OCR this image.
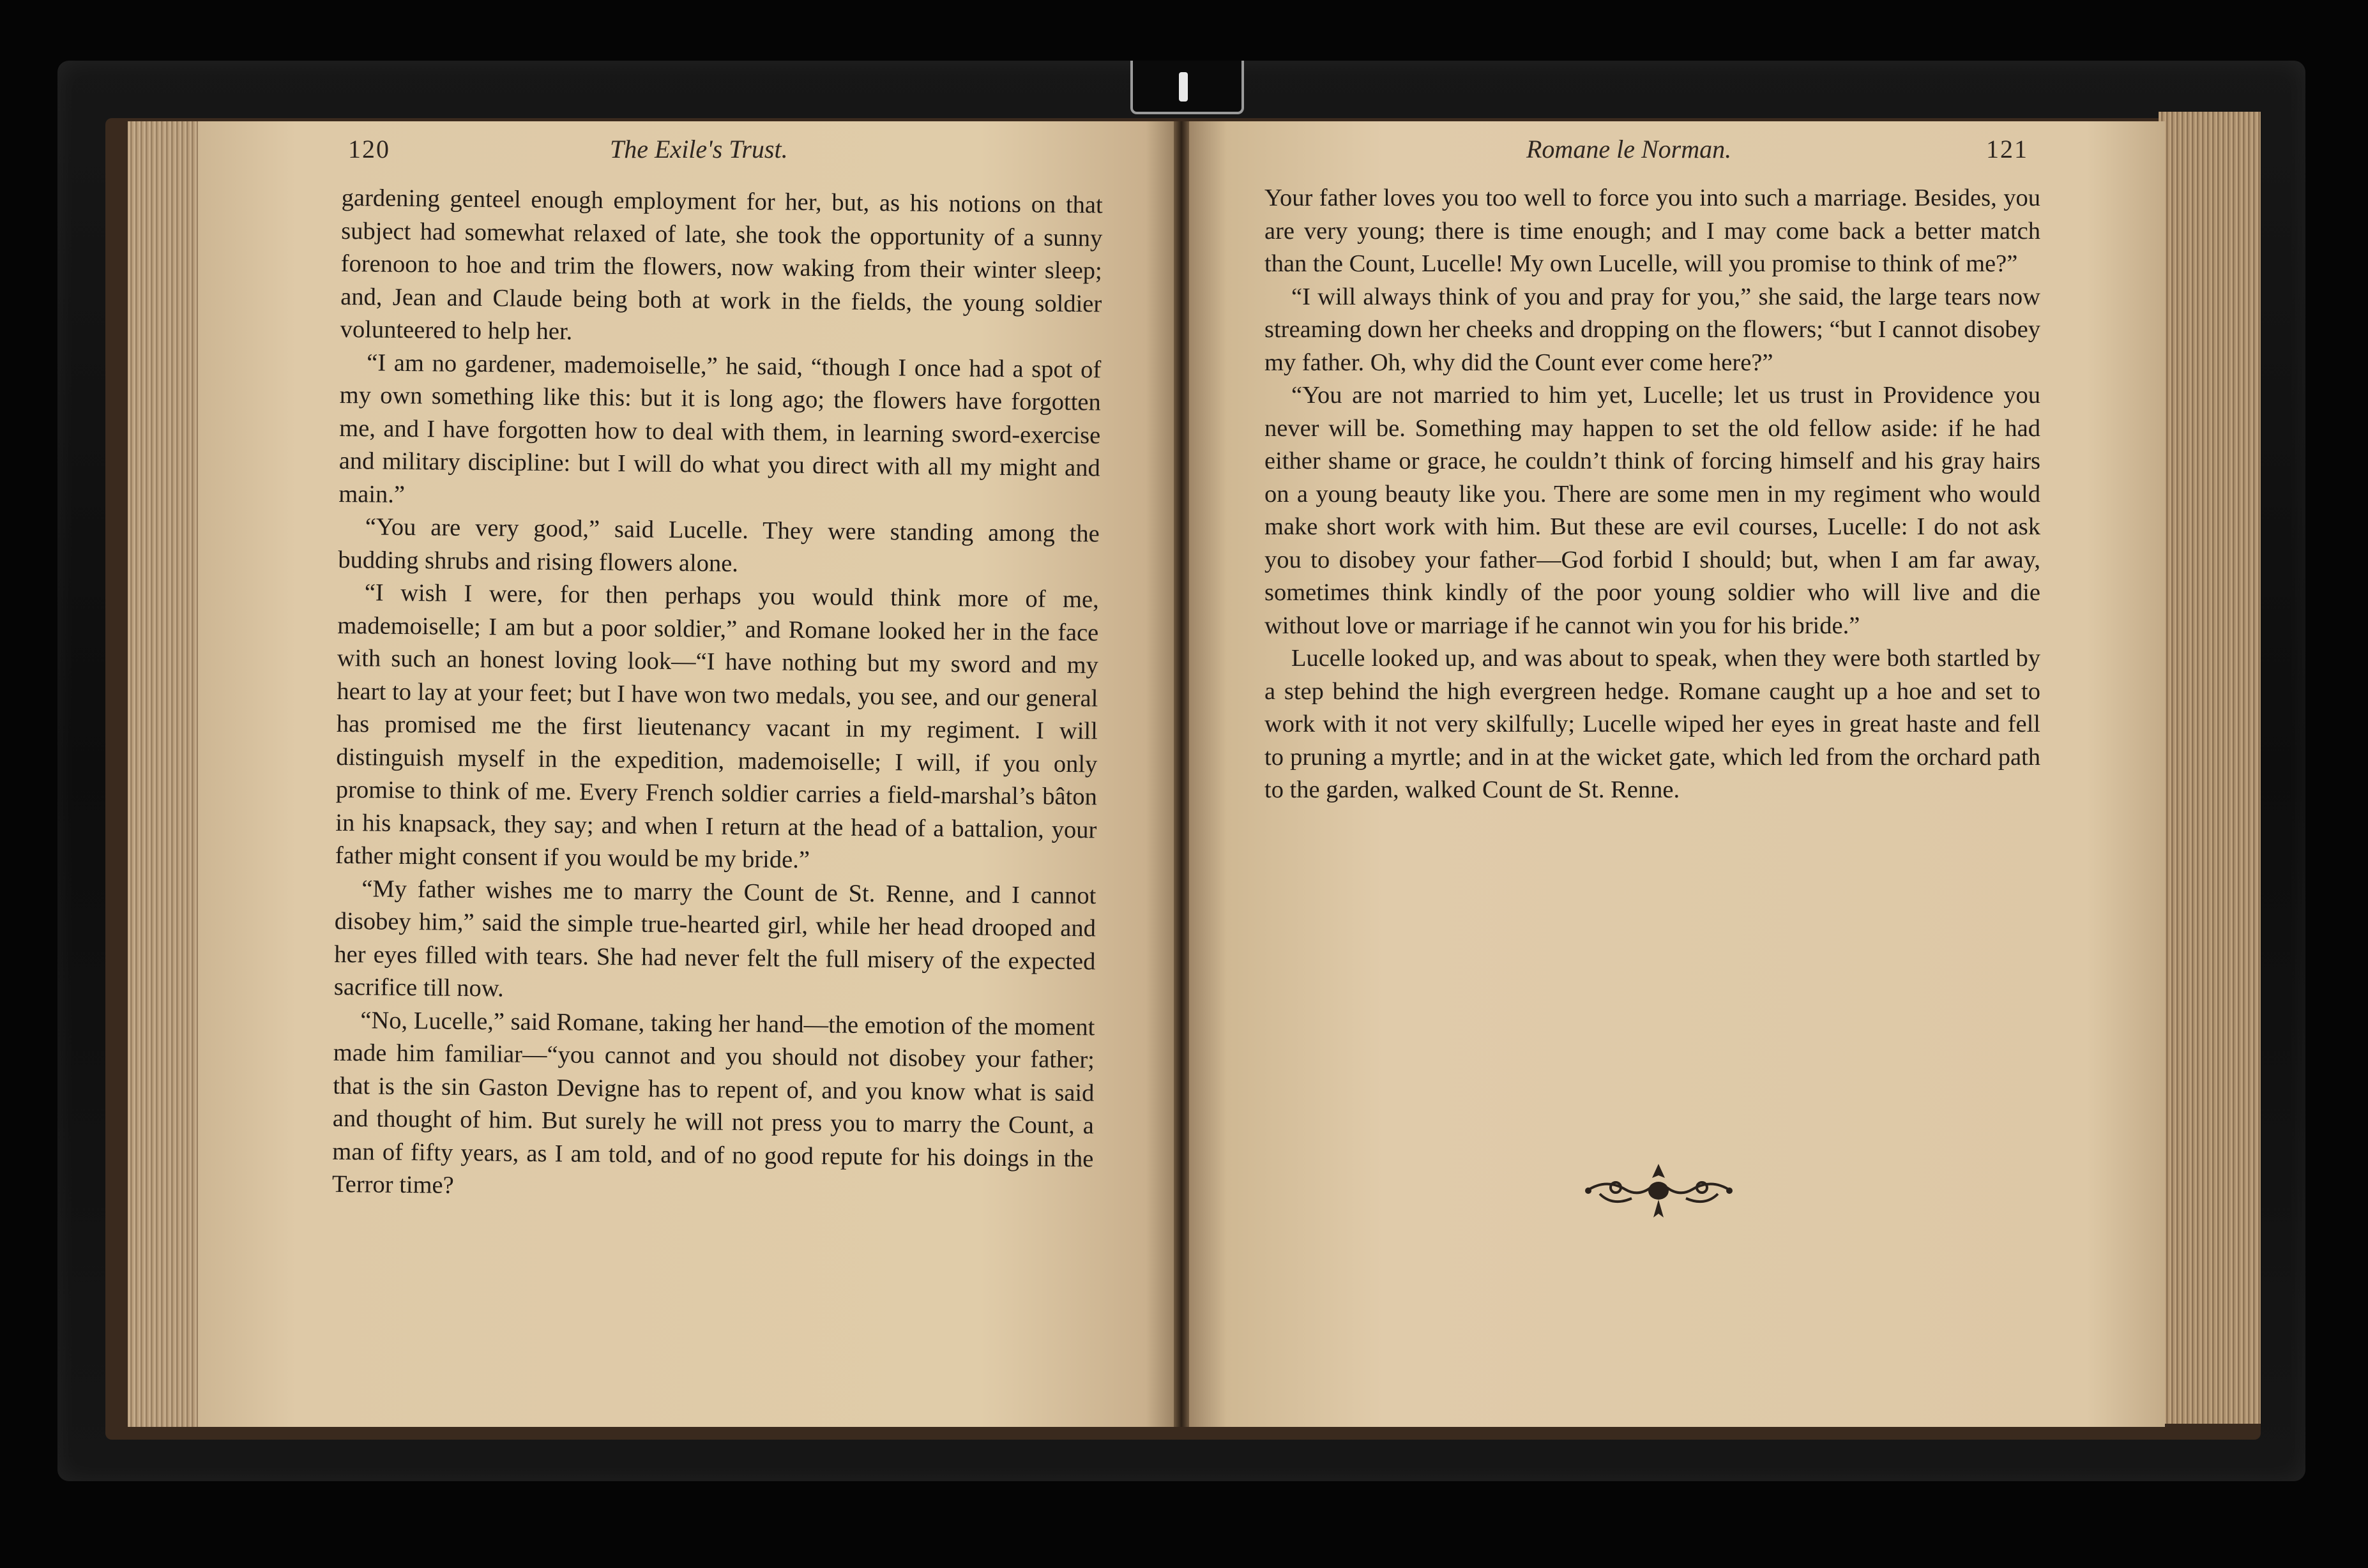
120	The Exile's Trust.	Romane le Norman.	121

gardening genteel enough employment for her, but, as his notions on that subject had somewhat relaxed of late, she took the opportunity of a sunny forenoon to hoe and trim the flowers, now waking from their winter sleep; and, Jean and Claude being both at work in the fields, the young soldier volunteered to help her.

“I am no gardener, mademoiselle,” he said, “though I once had a spot of my own something like this: but it is long ago; the flowers have forgotten me, and I have forgotten how to deal with them, in learning sword-exercise and military discipline: but I will do what you direct with all my might and main.”

“You are very good,” said Lucelle. They were standing among the budding shrubs and rising flowers alone.

“I wish I were, for then perhaps you would think more of me, mademoiselle; I am but a poor soldier,” and Romane looked her in the face with such an honest loving look—“I have nothing but my sword and my heart to lay at your feet; but I have won two medals, you see, and our general has promised me the first lieutenancy vacant in my regiment. I will distinguish myself in the expedition, mademoiselle; I will, if you only promise to think of me. Every French soldier carries a field-marshal’s bâton in his knapsack, they say; and when I return at the head of a battalion, your father might consent if you would be my bride.”

“My father wishes me to marry the Count de St. Renne, and I cannot disobey him,” said the simple true-hearted girl, while her head drooped and her eyes filled with tears. She had never felt the full misery of the expected sacrifice till now.

“No, Lucelle,” said Romane, taking her hand—the emotion of the moment made him familiar—“you cannot and you should not disobey your father; that is the sin Gaston Devigne has to repent of, and you know what is said and thought of him. But surely he will not press you to marry the Count, a man of fifty years, as I am told, and of no good repute for his doings in the Terror time?

Your father loves you too well to force you into such a marriage. Besides, you are very young; there is time enough; and I may come back a better match than the Count, Lucelle! My own Lucelle, will you promise to think of me?”

“I will always think of you and pray for you,” she said, the large tears now streaming down her cheeks and dropping on the flowers; “but I cannot disobey my father. Oh, why did the Count ever come here?”

“You are not married to him yet, Lucelle; let us trust in Providence you never will be. Something may happen to set the old fellow aside: if he had either shame or grace, he couldn’t think of forcing himself and his gray hairs on a young beauty like you. There are some men in my regiment who would make short work with him. But these are evil courses, Lucelle: I do not ask you to disobey your father—God forbid I should; but, when I am far away, sometimes think kindly of the poor young soldier who will live and die without love or marriage if he cannot win you for his bride.”

Lucelle looked up, and was about to speak, when they were both startled by a step behind the high evergreen hedge. Romane caught up a hoe and set to work with it not very skilfully; Lucelle wiped her eyes in great haste and fell to pruning a myrtle; and in at the wicket gate, which led from the orchard path to the garden, walked Count de St. Renne.
